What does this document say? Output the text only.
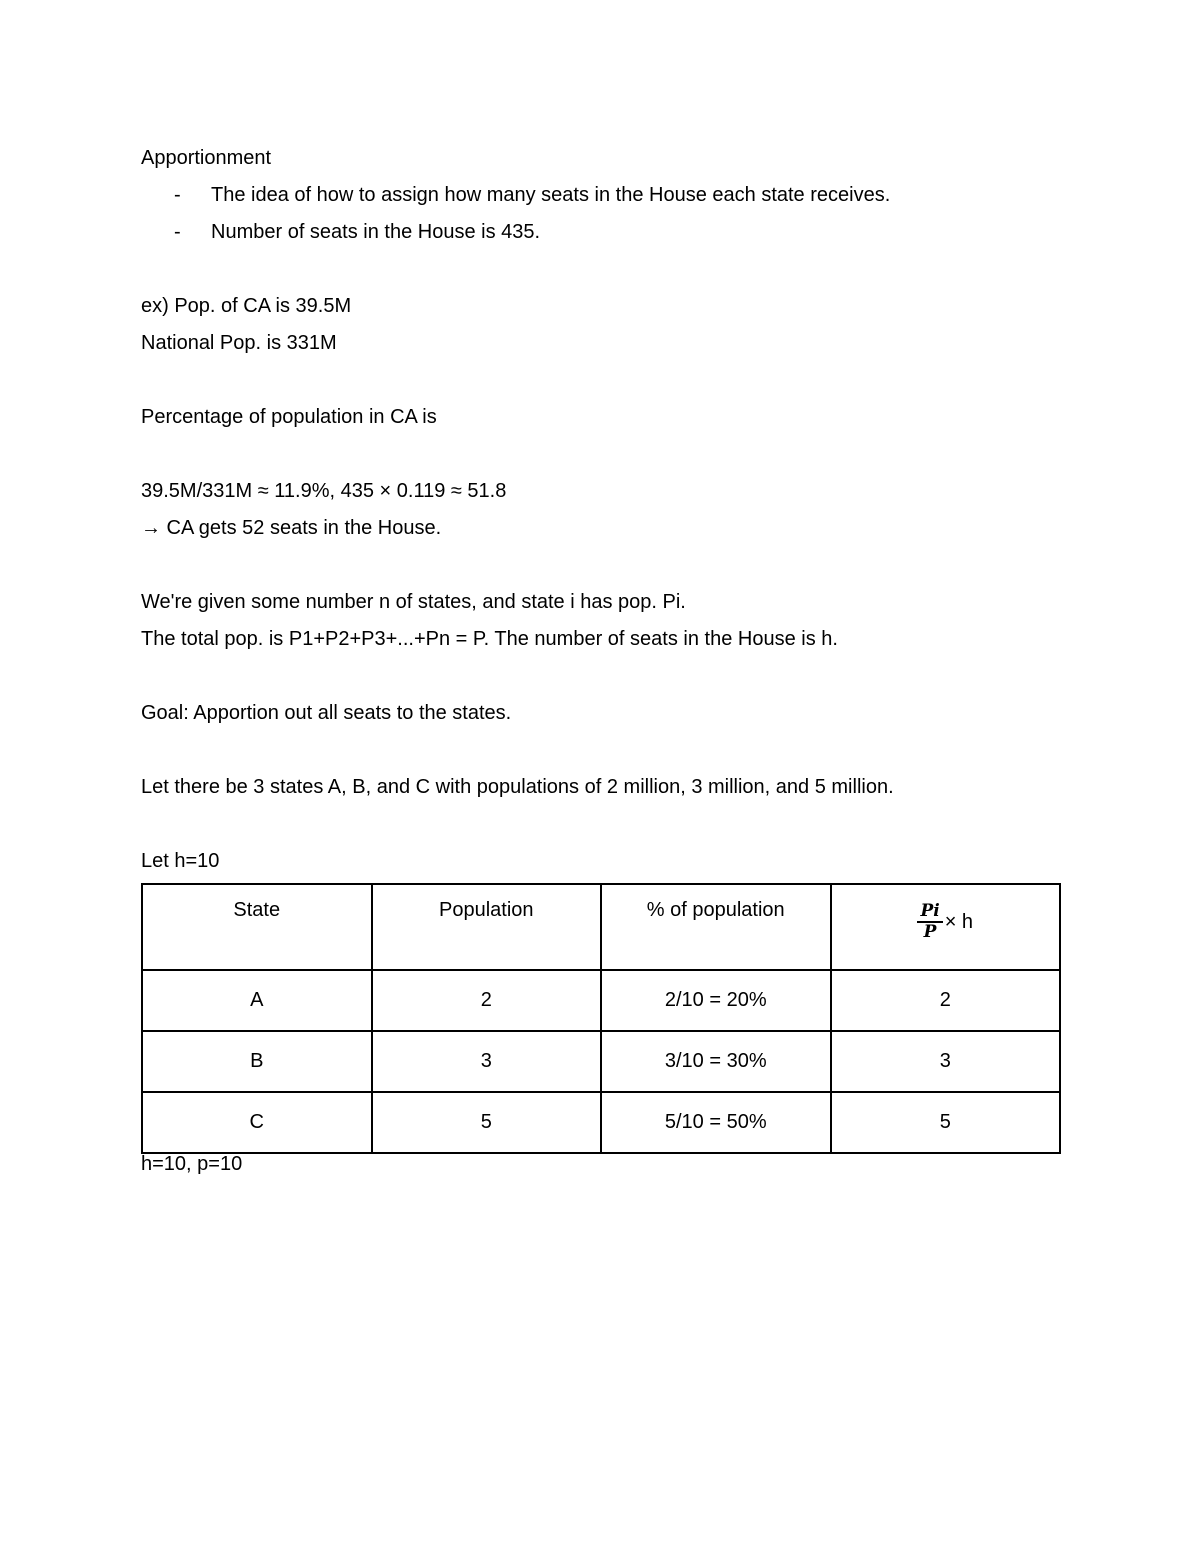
Apportionment
- The idea of how to assign how many seats in the House each state receives.
- Number of seats in the House is 435.
ex) Pop. of CA is 39.5M
National Pop. is 331M
Percentage of population in CA is
39.5M/331M ≈ 11.9%, 435 × 0.119 ≈ 51.8
→ CA gets 52 seats in the House.
We're given some number n of states, and state i has pop. Pi.
The total pop. is P1+P2+P3+...+Pn = P. The number of seats in the House is h.
Goal: Apportion out all seats to the states.
Let there be 3 states A, B, and C with populations of 2 million, 3 million, and 5 million.
Let h=10
State	Population	% of population	$\frac{Pi}{P} \times h$

A	2	2/10 = 20%	2
B	3	3/10 = 30%	3
C	5	5/10 = 50%	5
h=10, p=10
